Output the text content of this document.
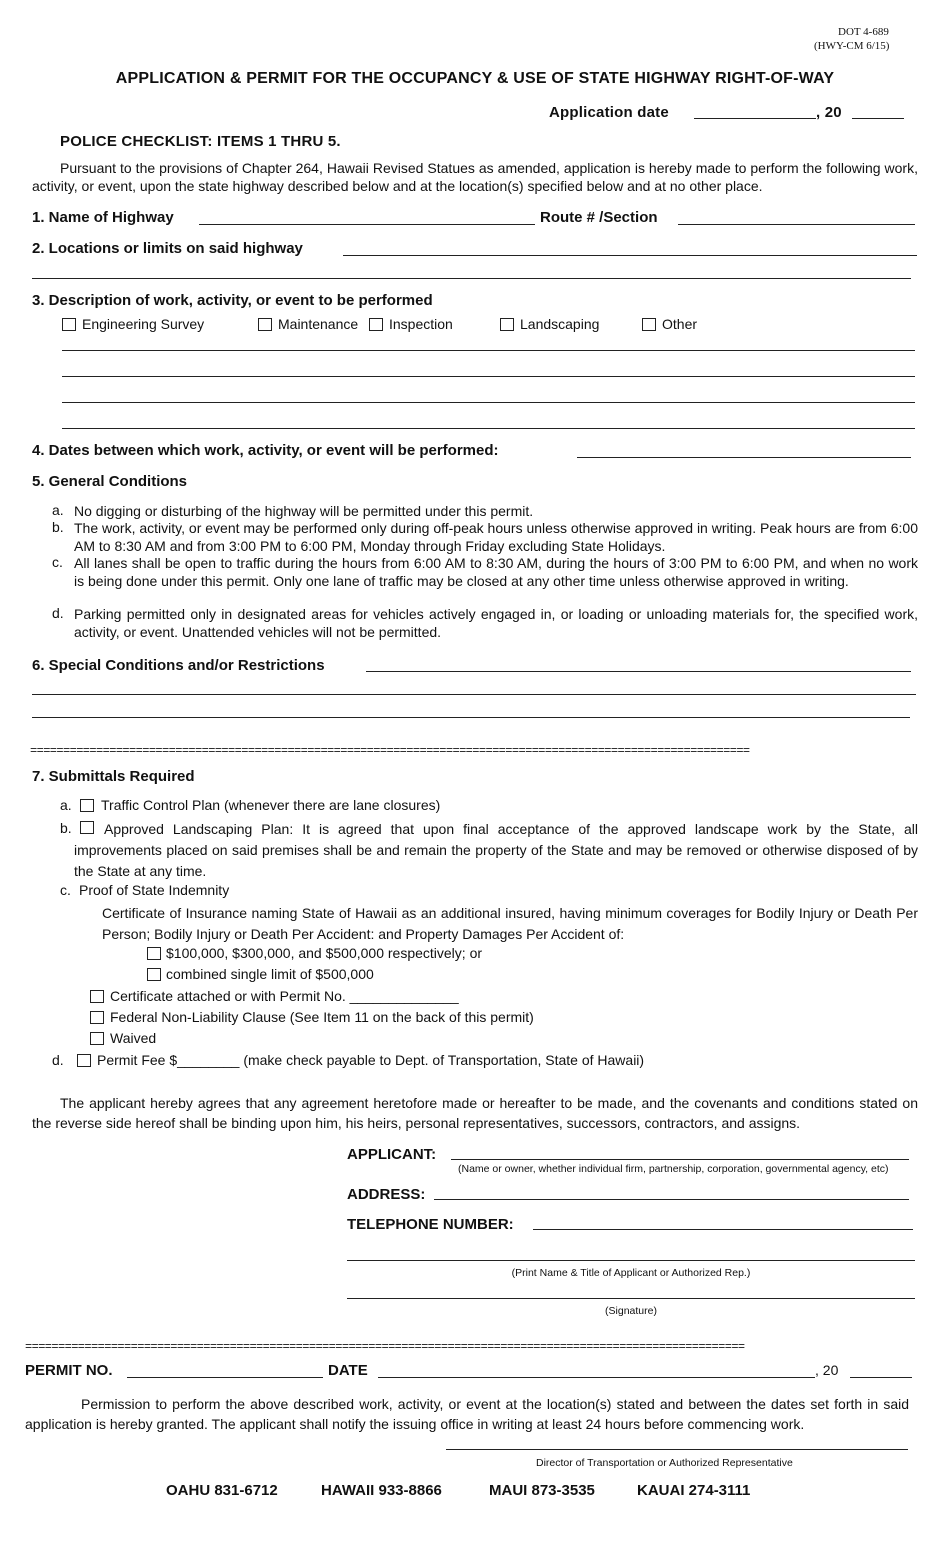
DOT 4-689
(HWY-CM 6/15)
APPLICATION & PERMIT FOR THE OCCUPANCY & USE OF STATE HIGHWAY RIGHT-OF-WAY
Application date	, 20
POLICE CHECKLIST: ITEMS 1 THRU 5.
Pursuant to the provisions of Chapter 264, Hawaii Revised Statues as amended, application is hereby made to perform the following work, activity, or event, upon the state highway described below and at the location(s) specified below and at no other place.
1. Name of Highway	Route # /Section
2. Locations or limits on said highway
3. Description of work, activity, or event to be performed
Engineering Survey	Maintenance Inspection	Landscaping	Other
4. Dates between which work, activity, or event will be performed:
5. General Conditions
a. No digging or disturbing of the highway will be permitted under this permit.
b. The work, activity, or event may be performed only during off-peak hours unless otherwise approved in writing. Peak hours are from 6:00 AM to 8:30 AM and from 3:00 PM to 6:00 PM, Monday through Friday excluding State Holidays.
c. All lanes shall be open to traffic during the hours from 6:00 AM to 8:30 AM, during the hours of 3:00 PM to 6:00 PM, and when no work is being done under this permit. Only one lane of traffic may be closed at any other time unless otherwise approved in writing.
d. Parking permitted only in designated areas for vehicles actively engaged in, or loading or unloading materials for, the specified work, activity, or event. Unattended vehicles will not be permitted.
6. Special Conditions and/or Restrictions
=============================================================================================================
7. Submittals Required
a. Traffic Control Plan (whenever there are lane closures)
b.	Approved Landscaping Plan: It is agreed that upon final acceptance of the approved landscape work by the State, all improvements placed on said premises shall be and remain the property of the State and may be removed or otherwise disposed of by the State at any time.
c. Proof of State Indemnity
Certificate of Insurance naming State of Hawaii as an additional insured, having minimum coverages for Bodily Injury or Death Per Person; Bodily Injury or Death Per Accident: and Property Damages Per Accident of:
$100,000, $300,000, and $500,000 respectively; or
combined single limit of $500,000
Certificate attached or with Permit No. ______________
Federal Non-Liability Clause (See Item 11 on the back of this permit)
Waived
d. Permit Fee $________ (make check payable to Dept. of Transportation, State of Hawaii)
The applicant hereby agrees that any agreement heretofore made or hereafter to be made, and the covenants and conditions stated on the reverse side hereof shall be binding upon him, his heirs, personal representatives, successors, contractors, and assigns.
APPLICANT:
(Name or owner, whether individual firm, partnership, corporation, governmental agency, etc)
ADDRESS:
TELEPHONE NUMBER:
(Print Name & Title of Applicant or Authorized Rep.)
(Signature)
=============================================================================================================
PERMIT NO.	DATE	, 20
Permission to perform the above described work, activity, or event at the location(s) stated and between the dates set forth in said application is hereby granted. The applicant shall notify the issuing office in writing at least 24 hours before commencing work.
Director of Transportation or Authorized Representative
OAHU 831-6712	HAWAII 933-8866	MAUI 873-3535	KAUAI 274-3111
